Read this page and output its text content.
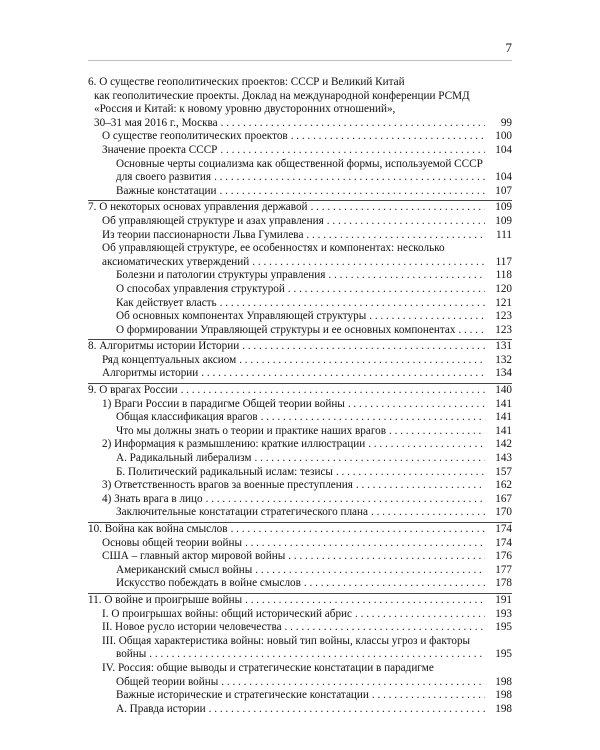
7
6. О существе геополитических проектов: СССР и Великий Китай
как геополитические проекты. Доклад на международной конференции РСМД
«Россия и Китай: к новому уровню двусторонних отношений»,
30–31 мая 2016 г., Москва . . .	99
О существе геополитических проектов . . .	100
Значение проекта СССР . . .	104
Основные черты социализма как общественной формы, используемой СССР
для своего развития . . .	104
Важные констатации . . .	107
7. О некоторых основах управления державой . . .	109
Об управляющей структуре и азах управления . . .	109
Из теории пассионарности Льва Гумилева . . .	111
Об управляющей структуре, ее особенностях и компонентах: несколько
аксиоматических утверждений . . .	117
Болезни и патологии структуры управления . . .	118
О способах управления структурой . . .	120
Как действует власть . . .	121
Об основных компонентах Управляющей структуры . . .	123
О формировании Управляющей структуры и ее основных компонентах . . .	123
8. Алгоритмы истории Истории . . .	131
Ряд концептуальных аксиом . . .	132
Алгоритмы истории . . .	134
9. О врагах России . . .	140
1) Враги России в парадигме Общей теории войны . . .	141
Общая классификация врагов . . .	141
Что мы должны знать о теории и практике наших врагов . . .	141
2) Информация к размышлению: краткие иллюстрации . . .	142
А. Радикальный либерализм . . .	143
Б. Политический радикальный ислам: тезисы . . .	157
3) Ответственность врагов за военные преступления . . .	162
4) Знать врага в лицо . . .	167
Заключительные констатации стратегического плана . . .	170
10. Война как война смыслов . . .	174
Основы общей теории войны . . .	174
США – главный актор мировой войны . . .	176
Американский смысл войны . . .	177
Искусство побеждать в войне смыслов . . .	178
11. О войне и проигрыше войны . . .	191
I. О проигрышах войны: общий исторический абрис . . .	193
II. Новое русло истории человечества . . .	195
III. Общая характеристика войны: новый тип войны, классы угроз и факторы
войны . . .	195
IV. Россия: общие выводы и стратегические констатации в парадигме
Общей теории войны . . .	198
Важные исторические и стратегические констатации . . .	198
А. Правда истории . . .	198
